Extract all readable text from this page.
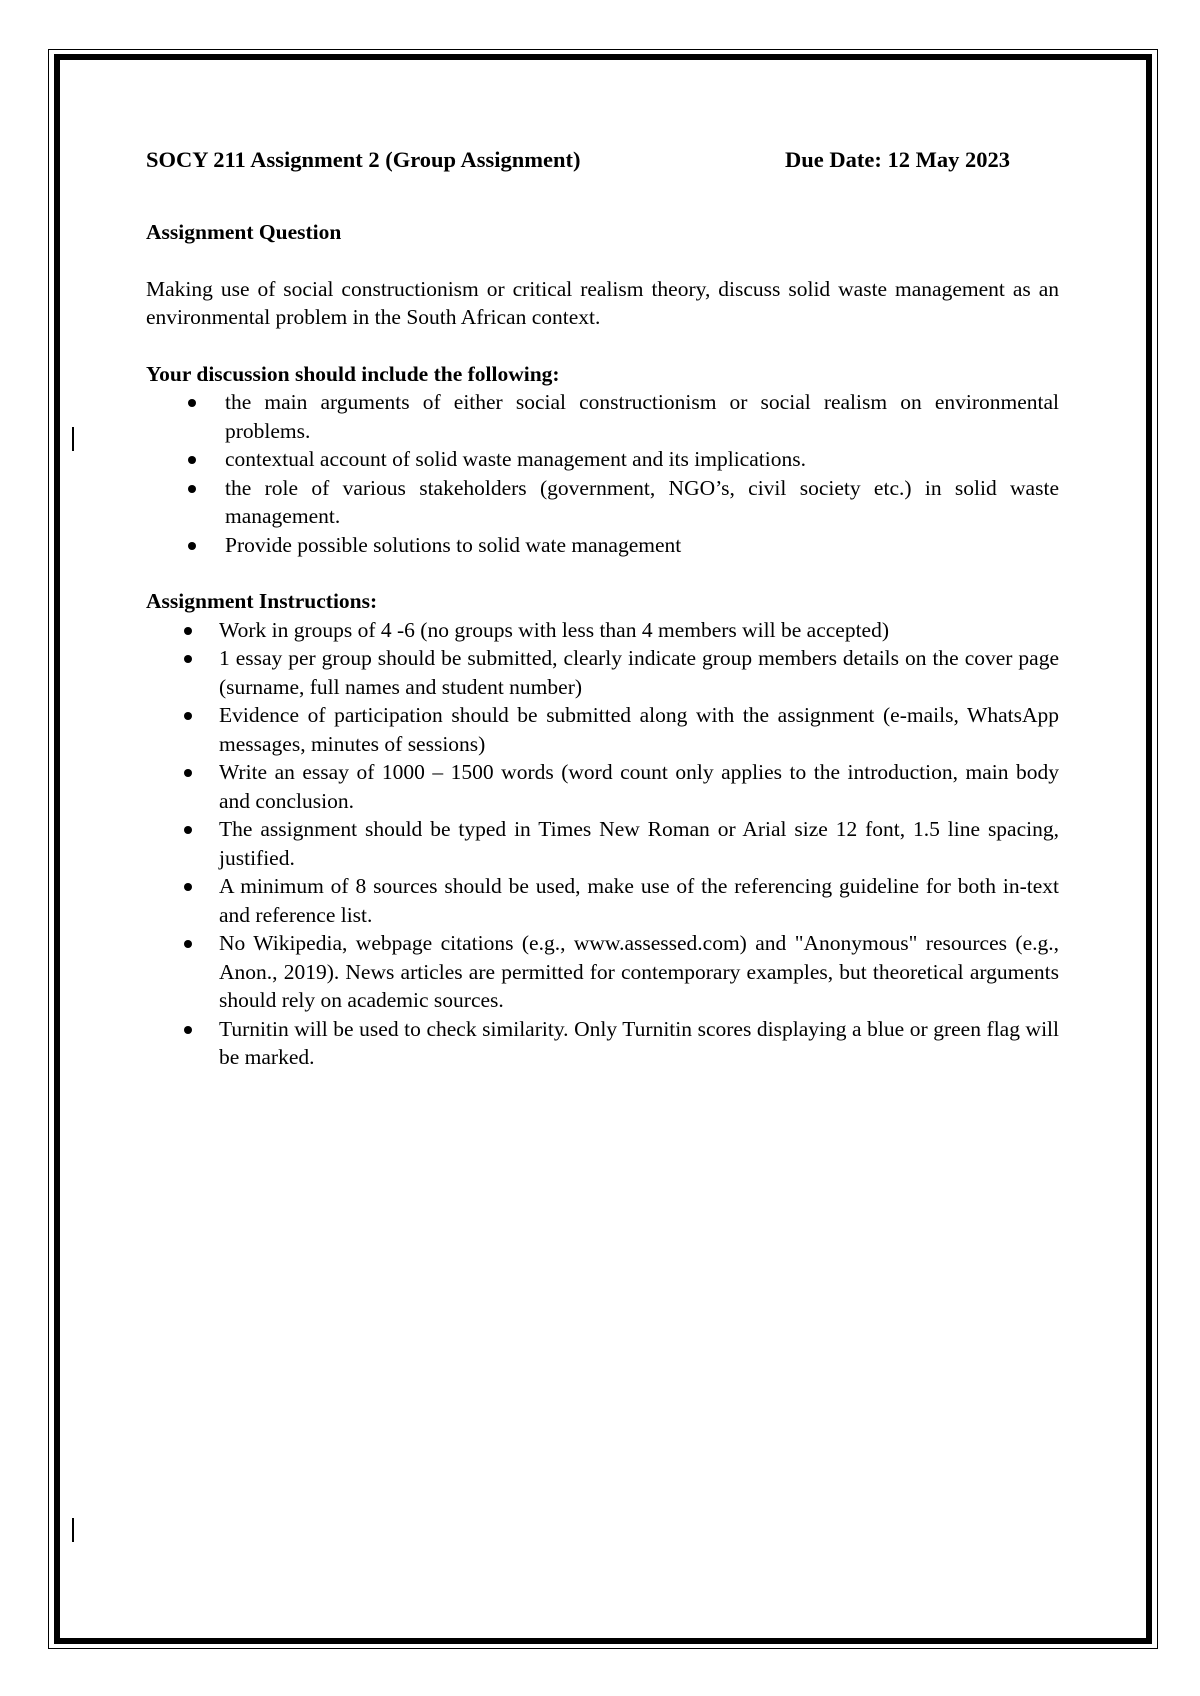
SOCY 211 Assignment 2 (Group Assignment)	Due Date: 12 May 2023

Assignment Question

Making use of social constructionism or critical realism theory, discuss solid waste management as an environmental problem in the South African context.

Your discussion should include the following:

the main arguments of either social constructionism or social realism on environmental problems.
contextual account of solid waste management and its implications.
the role of various stakeholders (government, NGO’s, civil society etc.) in solid waste management.
Provide possible solutions to solid wate management

Assignment Instructions:

Work in groups of 4 -6 (no groups with less than 4 members will be accepted)
1 essay per group should be submitted, clearly indicate group members details on the cover page (surname, full names and student number)
Evidence of participation should be submitted along with the assignment (e-mails, WhatsApp messages, minutes of sessions)
Write an essay of 1000 – 1500 words (word count only applies to the introduction, main body and conclusion.
The assignment should be typed in Times New Roman or Arial size 12 font, 1.5 line spacing, justified.
A minimum of 8 sources should be used, make use of the referencing guideline for both in-text and reference list.
No Wikipedia, webpage citations (e.g., www.assessed.com) and "Anonymous" resources (e.g., Anon., 2019). News articles are permitted for contemporary examples, but theoretical arguments should rely on academic sources.
Turnitin will be used to check similarity. Only Turnitin scores displaying a blue or green flag will be marked.
